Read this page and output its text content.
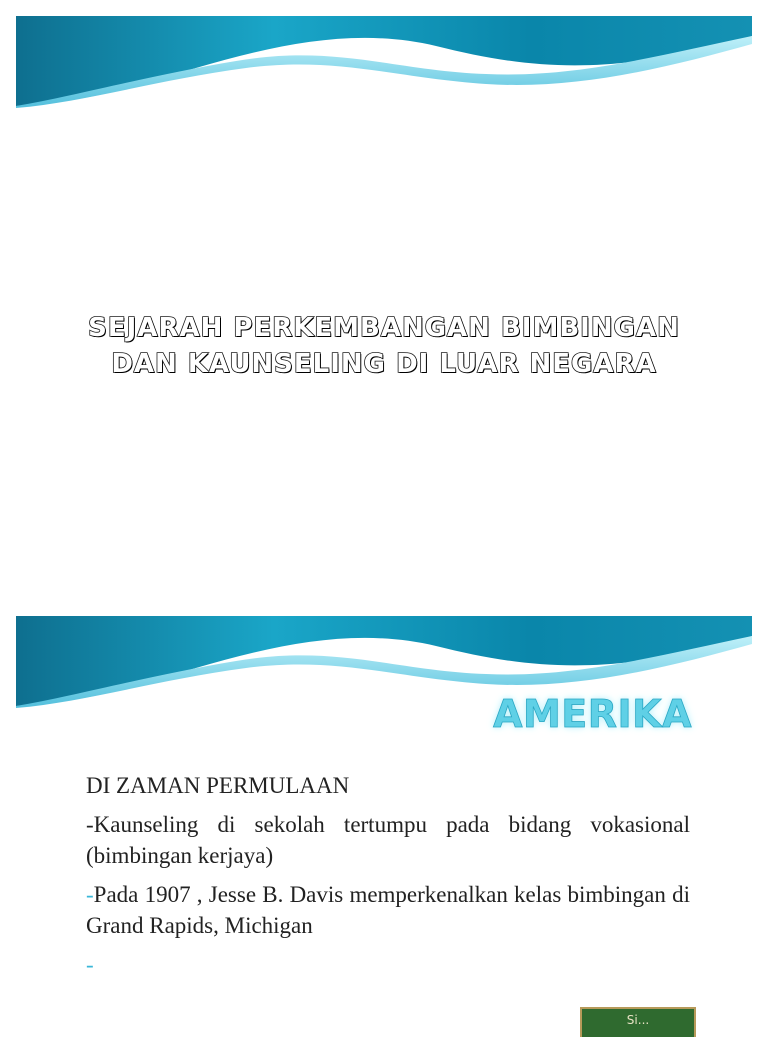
SEJARAH PERKEMBANGAN BIMBINGAN
DAN KAUNSELING DI LUAR NEGARA
AMERIKA

DI ZAMAN PERMULAAN

-Kaunseling di sekolah tertumpu pada bidang vokasional (bimbingan kerjaya)

-Pada 1907 , Jesse B. Davis memperkenalkan kelas bimbingan di Grand Rapids, Michigan

-

Si...
